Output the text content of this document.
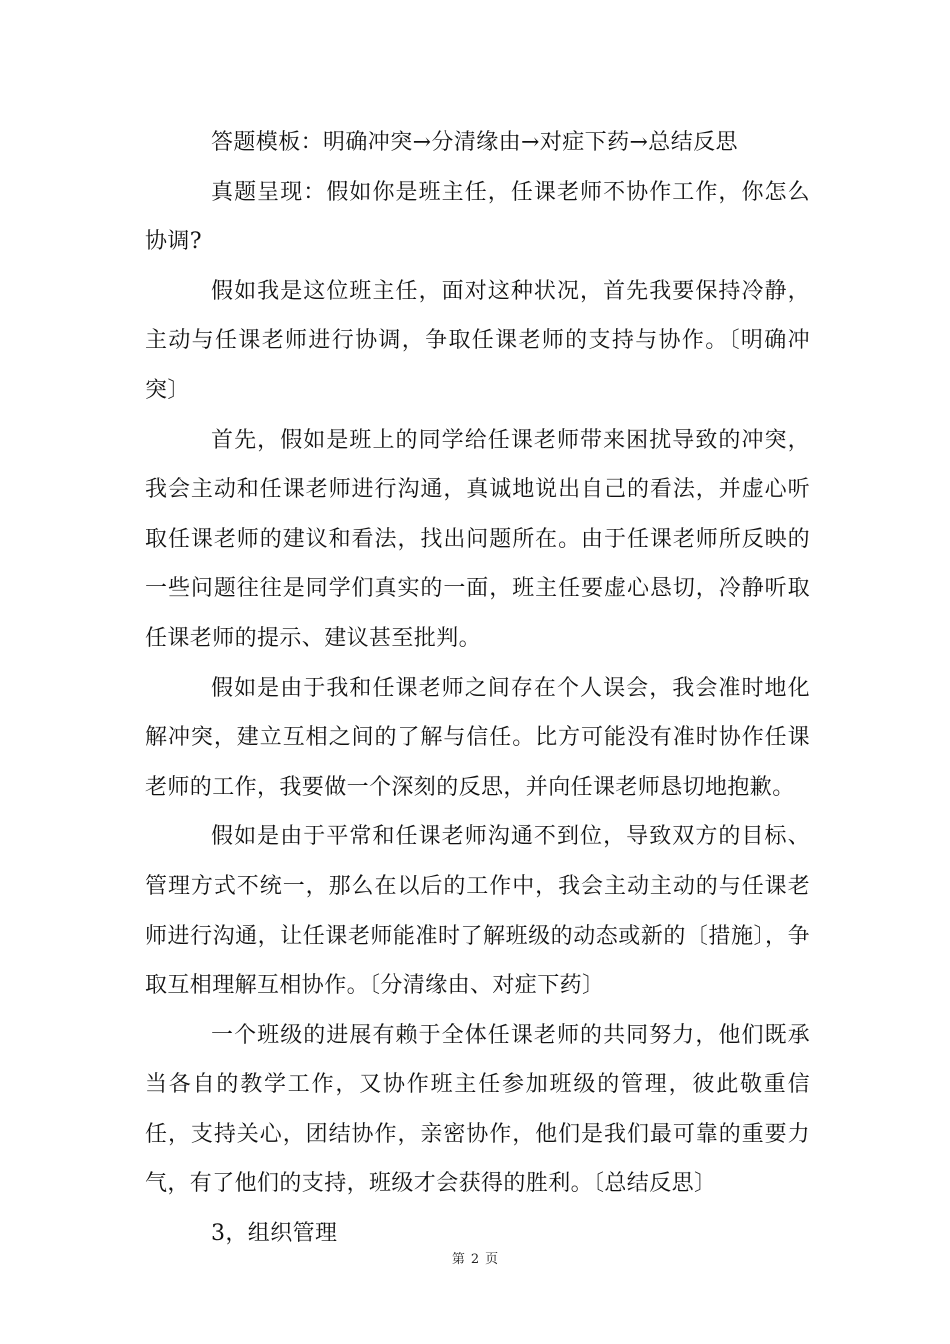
答题模板：明确冲突→分清缘由→对症下药→总结反思

真题呈现：假如你是班主任，任课老师不协作工作，你怎么协调?

假如我是这位班主任，面对这种状况，首先我要保持冷静，主动与任课老师进行协调，争取任课老师的支持与协作。〔明确冲突〕

首先，假如是班上的同学给任课老师带来困扰导致的冲突，我会主动和任课老师进行沟通，真诚地说出自己的看法，并虚心听取任课老师的建议和看法，找出问题所在。由于任课老师所反映的一些问题往往是同学们真实的一面，班主任要虚心恳切，冷静听取任课老师的提示、建议甚至批判。

假如是由于我和任课老师之间存在个人误会，我会准时地化解冲突，建立互相之间的了解与信任。比方可能没有准时协作任课老师的工作，我要做一个深刻的反思，并向任课老师恳切地抱歉。

假如是由于平常和任课老师沟通不到位，导致双方的目标、管理方式不统一，那么在以后的工作中，我会主动主动的与任课老师进行沟通，让任课老师能准时了解班级的动态或新的〔措施〕，争取互相理解互相协作。〔分清缘由、对症下药〕

一个班级的进展有赖于全体任课老师的共同努力，他们既承当各自的教学工作，又协作班主任参加班级的管理，彼此敬重信任，支持关心，团结协作，亲密协作，他们是我们最可靠的重要力气，有了他们的支持，班级才会获得的胜利。〔总结反思〕

3，组织管理

第 2 页
